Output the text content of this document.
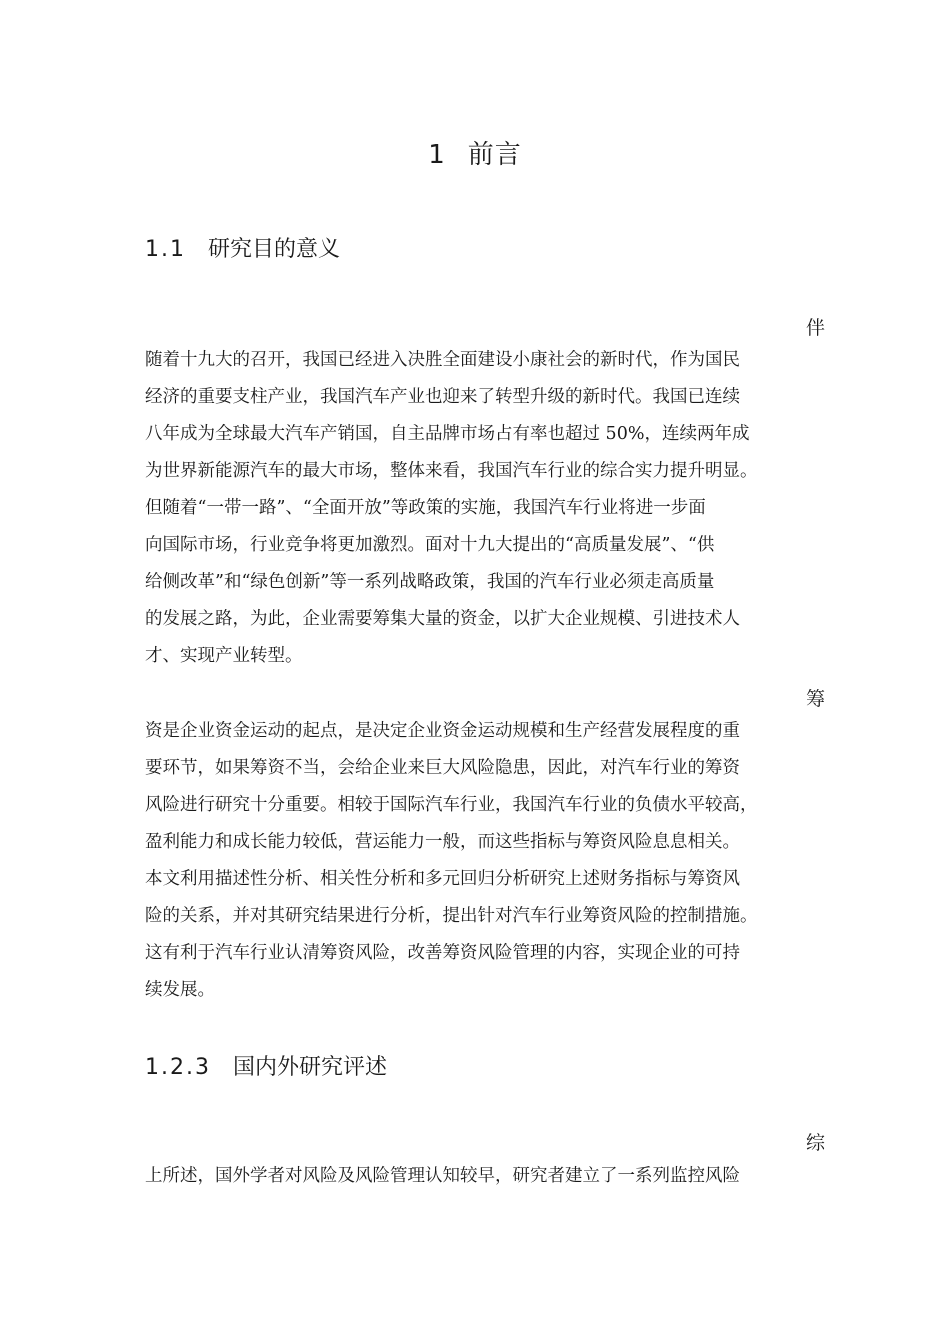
1 前言
1.1 研究目的意义
伴

随着十九大的召开，我国已经进入决胜全面建设小康社会的新时代，作为国民
经济的重要支柱产业，我国汽车产业也迎来了转型升级的新时代。我国已连续
八年成为全球最大汽车产销国，自主品牌市场占有率也超过 50%，连续两年成
为世界新能源汽车的最大市场，整体来看，我国汽车行业的综合实力提升明显。
但随着“一带一路”、“全面开放”等政策的实施，我国汽车行业将进一步面
向国际市场，行业竞争将更加激烈。面对十九大提出的“高质量发展”、“供
给侧改革”和“绿色创新”等一系列战略政策，我国的汽车行业必须走高质量
的发展之路，为此，企业需要筹集大量的资金，以扩大企业规模、引进技术人
才、实现产业转型。

筹

资是企业资金运动的起点，是决定企业资金运动规模和生产经营发展程度的重
要环节，如果筹资不当，会给企业来巨大风险隐患，因此，对汽车行业的筹资
风险进行研究十分重要。相较于国际汽车行业，我国汽车行业的负债水平较高，
盈利能力和成长能力较低，营运能力一般，而这些指标与筹资风险息息相关。
本文利用描述性分析、相关性分析和多元回归分析研究上述财务指标与筹资风
险的关系，并对其研究结果进行分析，提出针对汽车行业筹资风险的控制措施。
这有利于汽车行业认清筹资风险，改善筹资风险管理的内容，实现企业的可持
续发展。

1.2.3 国内外研究评述
综

上所述，国外学者对风险及风险管理认知较早，研究者建立了一系列监控风险
